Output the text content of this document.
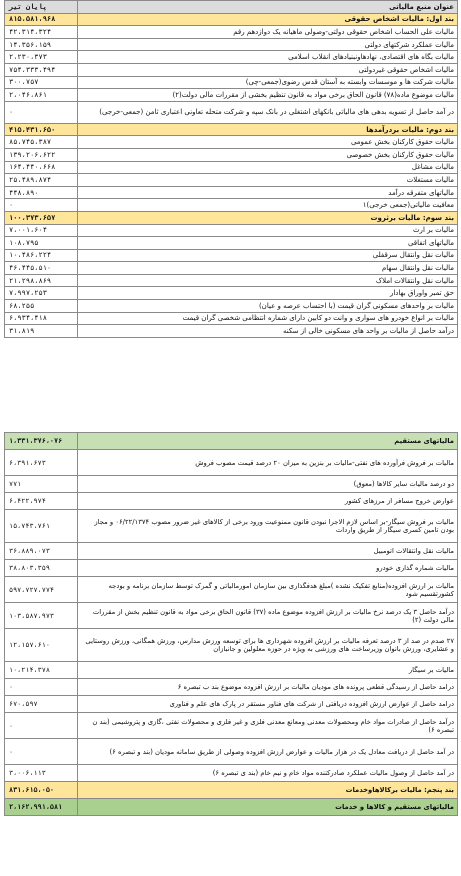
عنوان منبع مالیاتی	پایان تیر
بند اول: مالیات اشخاص حقوقی	۸۱۵،۵۸۱،۹۶۸
مالیات علی الحساب اشخاص حقوقی دولتی-وصولی ماهیانه یک دوازدهم رقم	۴۲،۳۱۴،۳۲۴
مالیات عملکرد شرکتهای دولتی	۱۴،۳۵۶،۱۵۹
مالیات بگاه های اقتصادی، نهادهاونبنیادهای انقلاب اسلامی	۲،۲۳۰،۳۷۳
مالیات اشخاص حقوقی غیردولتی	۷۵۴،۳۳۳،۴۹۴
مالیات شرکت ها و موسسات وابسته به آستان قدس رضوی(جمعی-چی)	۳۰۰،۷۵۷
مالیات موضوع ماده(۷۸) قانون الحاق برخی مواد به قانون تنظیم بخشی از مقررات مالی دولت(۲)	۲،۰۴۶،۸۶۱
در آمد حاصل از تسویه بدهی های مالیاتی بانکهای اشتغلی در بانک سپه و شرکت متحله تعاونی اعتباری ثامن (جمعی-خرجی)	۰
بند دوم: مالیات بردرآمدها	۴۱۵،۴۳۱،۶۵۰
مالیات حقوق کارکنان بخش عمومی	۸۵،۷۴۵،۳۸۷
مالیات حقوق کارکنان بخش خصوصی	۱۳۹،۲۰۶،۶۲۲
مالیات مشاغل	۱۶۴،۴۴۰،۶۶۸
مالیات مستغلات	۲۵،۴۸۹،۸۷۴
مالیاتهای متفرقه درآمد	۴۴۸،۸۹۰
معافیت مالیاتی(جمعی خرجی)۱	۰
بند سوم: مالیات برثروت	۱۰۰،۳۷۳،۶۵۷
مالیات بر ارث	۷،۰۰۱،۶۰۴
مالیاتهای اتفاقی	۱۰۸،۷۹۵
مالیات نقل وانتقال سرقفلی	۱۰،۴۸۶،۲۲۴
مالیات نقل وانتقال سهام	۴۶،۴۴۵،۵۱۰
مالیات نقل وانتقالات املاک	۲۱،۲۹۸،۸۶۹
حق تمبر واوراق بهادار	۷،۹۹۷،۲۵۳
مالیات بر واحدهای مسکونی گران قیمت (با احتساب عرصه و عیان)	۶۸،۲۵۵
مالیات بر انواع خودرو های سواری و وانت دو کابین دارای شماره انتظامی شخصی گران قیمت	۶،۹۳۴،۴۱۸
درآمد حاصل از مالیات بر واحد های مسکونی خالی از سکنه	۳۱،۸۱۹
مالیاتهای مستقیم	۱،۳۳۱،۳۷۶،۰۷۶
مالیات بر فروش فرآورده های نفتی-مالیات بر بنزین به میزان ۲۰ درصد قیمت مصوب فروش	۶،۳۹۱،۶۷۳
دو درصد مالیات سایر کالاها (معوق)	۷۷۱
عوارض خروج مسافر از مرزهای کشور	۶،۴۲۲،۹۷۴
مالیات بر فروش سیگار-بر اساس لازم الاجرا نبودن قانون ممنوعیت ورود برخی از کالاهای غیر ضرور مصوب ۰۶/۲۲/۱۳۷۴ و مجاز بودن تامین کسری سیگار از طریق واردات	۱۵،۷۴۳،۷۶۱
مالیات نقل وانتقالات اتومبیل	۳۶،۸۸۹،۰۷۳
مالیات شماره گذاری خودرو	۳۸،۸۰۳،۳۵۹
مالیات بر ارزش افزوده(منابع تفکیک نشده )مبلغ هدفگذاری بین سازمان امورمالیاتی و گمرک توسط سازمان برنامه و بودجه کشورتقسیم شود	۵۹۷،۷۲۷،۷۷۴
درآمد حاصل ۳ یک درصد نرخ مالیات بر ارزش افزوده موضوع ماده (۳۷) قانون الحاق برخی مواد به قانون تنظیم بخش از مقررات مالی دولت (۲)	۱۰۳،۵۸۷،۹۷۳
۲۷ صدم در صد از ۳ درصد تعرفه مالیات بر ارزش افزوده شهرداری ها برای توسعه ورزش مدارس، ورزش همگانی، ورزش روستایی و عشایری، ورزش بانوان وزیرساخت های ورزشی به ویژه در حوزه معلولین و جانبازان	۱۲،۱۵۷،۶۱۰
مالیات بر سیگار	۱۰،۲۱۴،۳۷۸
درامد حاصل از رسیدگی قطعی پرونده های مودیان مالیات بر ارزش افزوده موضوع بند ب تبصره ۶	۰
درامد حاصل از عوارض ارزش افزوده دریافتی از شرکت های فناور مستقر در پارک های علم و فناوری	۶۷۰،۵۹۷
درآمد حاصل از صادرات مواد خام ومحصولات معدنی ومعانع معدنی فلزی و غیر فلزی و محصولات نفتی ،گازی و پتروشیمی (بند ن تبصره ۶)	۰
در آمد حاصل از دریافت معادل یک در هزار مالیات و عوارض ارزش افزوده وصولی از طریق سامانه مودیان (بند و تبصره ۶)	۰
در آمد حاصل از وصول مالیات عملکرد صادرکننده مواد خام و نیم خام (بند ی تبصره ۶)	۳،۰۰۶،۱۱۳
بند پنجم: مالیات برکالاهاوخدمات	۸۳۱،۶۱۵،۰۵۰
مالیاتهای مستقیم و کالاها و خدمات	۲،۱۶۲،۹۹۱،۵۸۱
